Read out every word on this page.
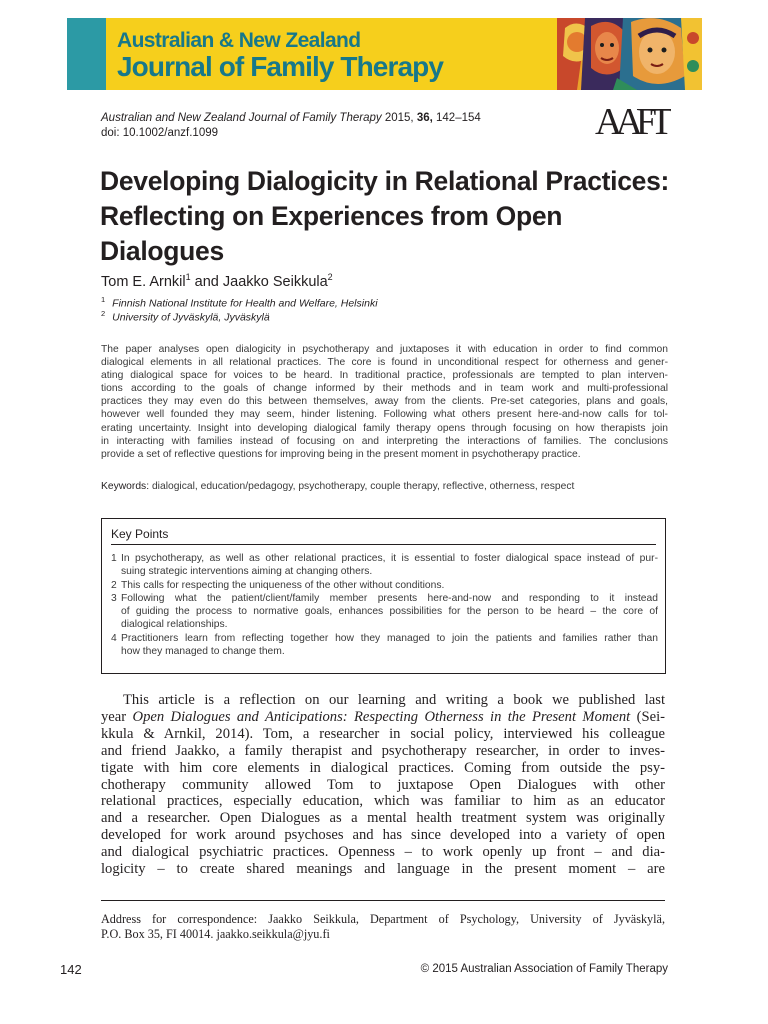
Australian & New Zealand
Journal of Family Therapy
Australian and New Zealand Journal of Family Therapy 2015, 36, 142–154
doi: 10.1002/anzf.1099	AAFT
Developing Dialogicity in Relational Practices: Reflecting on Experiences from Open Dialogues
Tom E. Arnkil$^1$ and Jaakko Seikkula$^2$
$^1$ Finnish National Institute for Health and Welfare, Helsinki
$^2$ University of Jyväskylä, Jyväskylä
The paper analyses open dialogicity in psychotherapy and juxtaposes it with education in order to find common
dialogical elements in all relational practices. The core is found in unconditional respect for otherness and gener-
ating dialogical space for voices to be heard. In traditional practice, professionals are tempted to plan interven-
tions according to the goals of change informed by their methods and in team work and multi-professional
practices they may even do this between themselves, away from the clients. Pre-set categories, plans and goals,
however well founded they may seem, hinder listening. Following what others present here-and-now calls for tol-
erating uncertainty. Insight into developing dialogical family therapy opens through focusing on how therapists join
in interacting with families instead of focusing on and interpreting the interactions of families. The conclusions
provide a set of reflective questions for improving being in the present moment in psychotherapy practice.
Keywords: dialogical, education/pedagogy, psychotherapy, couple therapy, reflective, otherness, respect
Key Points
1 In psychotherapy, as well as other relational practices, it is essential to foster dialogical space instead of pur-
suing strategic interventions aiming at changing others.
2 This calls for respecting the uniqueness of the other without conditions.
3 Following what the patient/client/family member presents here-and-now and responding to it instead
of guiding the process to normative goals, enhances possibilities for the person to be heard – the core of
dialogical relationships.
4 Practitioners learn from reflecting together how they managed to join the patients and families rather than
how they managed to change them.
This article is a reflection on our learning and writing a book we published last
year Open Dialogues and Anticipations: Respecting Otherness in the Present Moment (Sei-
kkula & Arnkil, 2014). Tom, a researcher in social policy, interviewed his colleague
and friend Jaakko, a family therapist and psychotherapy researcher, in order to inves-
tigate with him core elements in dialogical practices. Coming from outside the psy-
chotherapy community allowed Tom to juxtapose Open Dialogues with other
relational practices, especially education, which was familiar to him as an educator
and a researcher. Open Dialogues as a mental health treatment system was originally
developed for work around psychoses and has since developed into a variety of open
and dialogical psychiatric practices. Openness – to work openly up front – and dia-
logicity – to create shared meanings and language in the present moment – are
Address for correspondence: Jaakko Seikkula, Department of Psychology, University of Jyväskylä,
P.O. Box 35, FI 40014. jaakko.seikkula@jyu.fi
142	© 2015 Australian Association of Family Therapy
